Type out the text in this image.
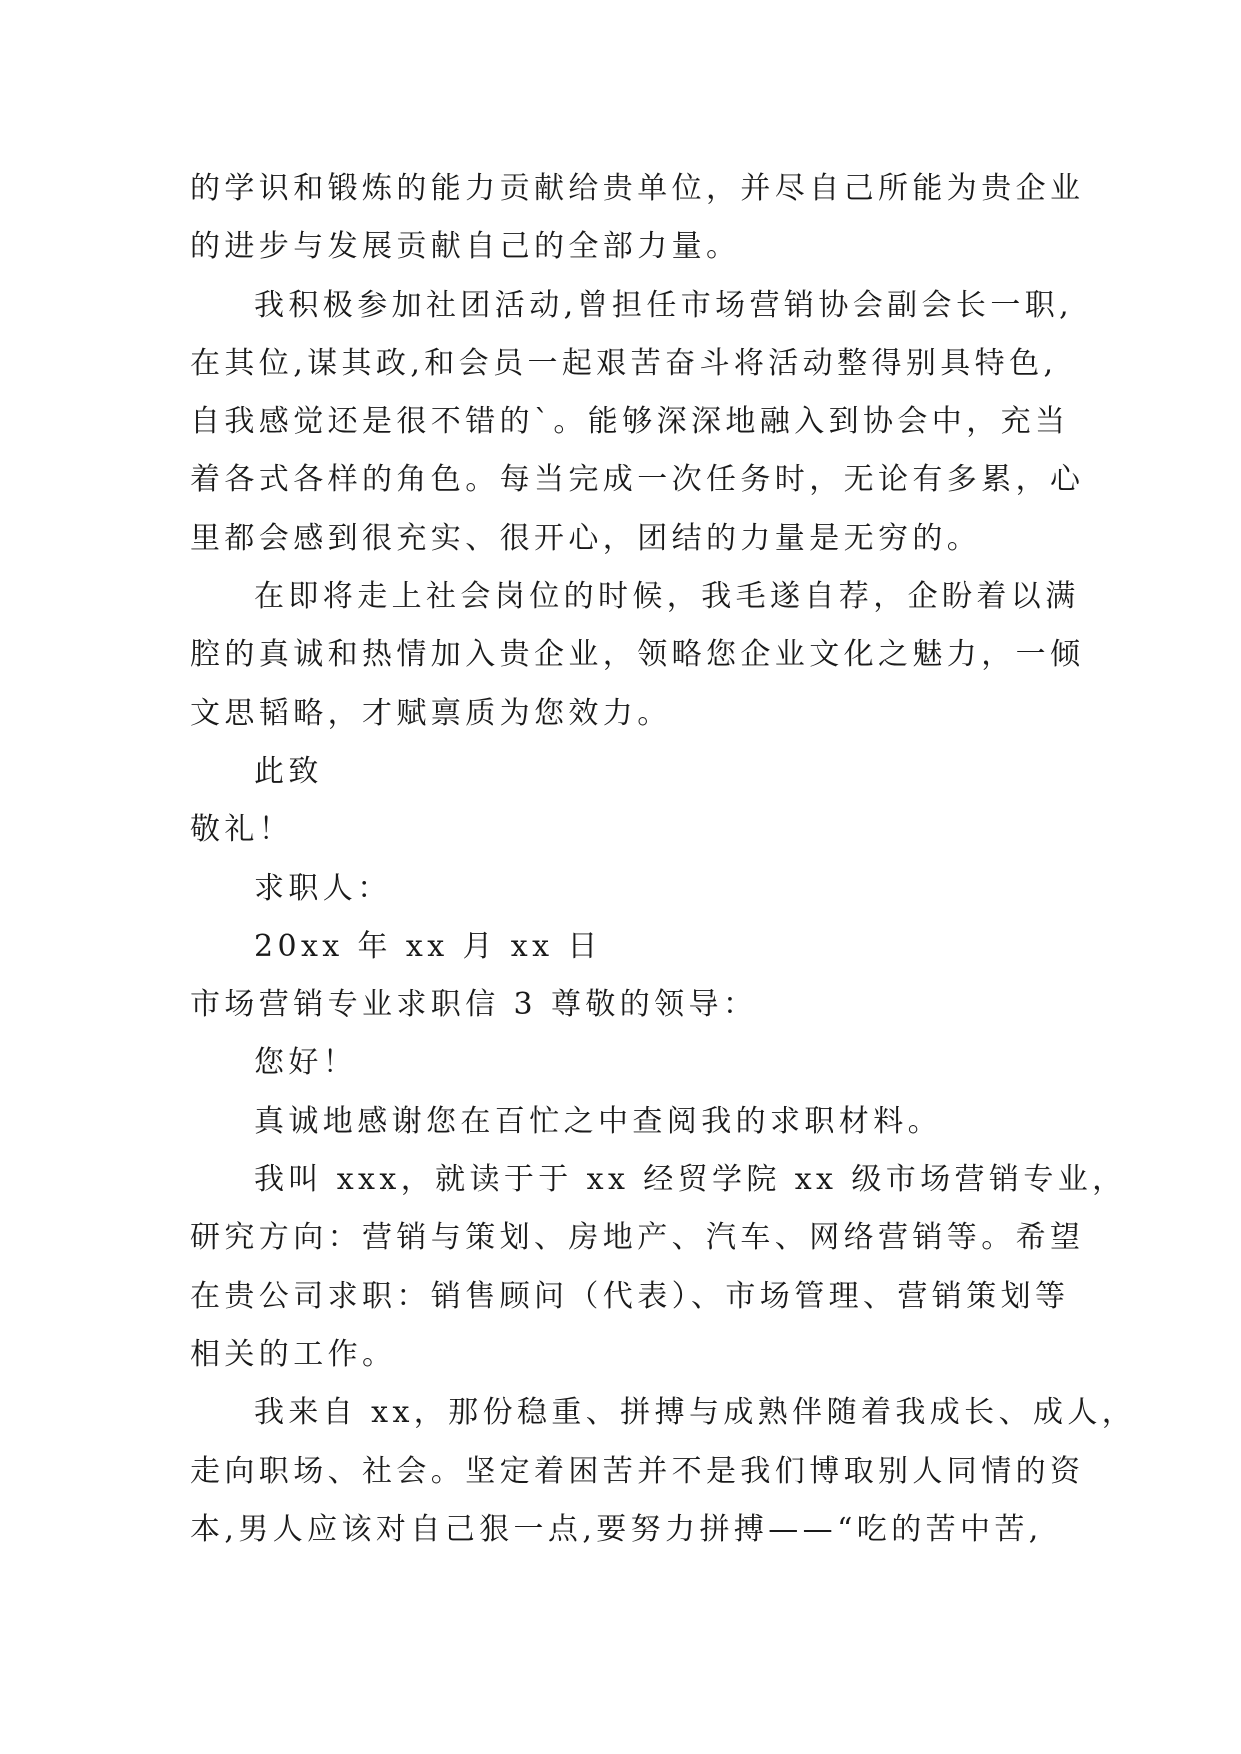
的学识和锻炼的能力贡献给贵单位，并尽自己所能为贵企业
的进步与发展贡献自己的全部力量。
我积极参加社团活动,曾担任市场营销协会副会长一职,
在其位,谋其政,和会员一起艰苦奋斗将活动整得别具特色,
自我感觉还是很不错的`。能够深深地融入到协会中，充当
着各式各样的角色。每当完成一次任务时，无论有多累，心
里都会感到很充实、很开心，团结的力量是无穷的。
在即将走上社会岗位的时候，我毛遂自荐，企盼着以满
腔的真诚和热情加入贵企业，领略您企业文化之魅力，一倾
文思韬略，才赋禀质为您效力。
此致
敬礼！
求职人：
20xx 年 xx 月 xx 日
市场营销专业求职信 3 尊敬的领导：
您好！
真诚地感谢您在百忙之中查阅我的求职材料。
我叫 xxx，就读于于 xx 经贸学院 xx 级市场营销专业，
研究方向：营销与策划、房地产、汽车、网络营销等。希望
在贵公司求职：销售顾问（代表）、市场管理、营销策划等
相关的工作。
我来自 xx，那份稳重、拼搏与成熟伴随着我成长、成人，
走向职场、社会。坚定着困苦并不是我们博取别人同情的资
本,男人应该对自己狠一点,要努力拼搏——“吃的苦中苦,
